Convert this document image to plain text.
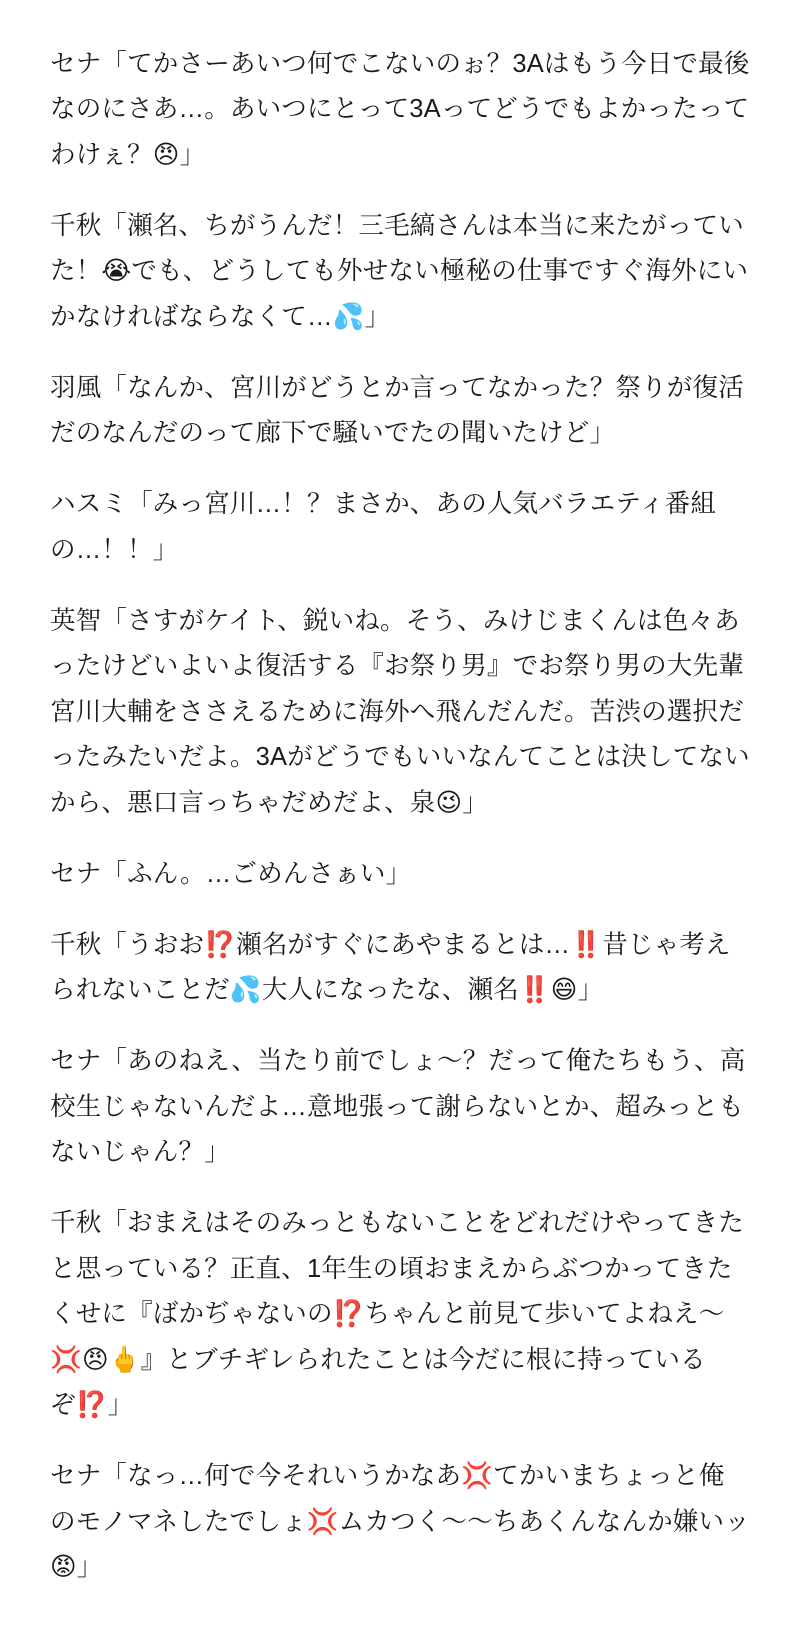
セナ「てかさーあいつ何でこないのぉ？3Aはもう今日で最後なのにさあ…。あいつにとって3Aってどうでもよかったってわけぇ？😠」

千秋「瀬名、ちがうんだ！三毛縞さんは本当に来たがっていた！😭でも、どうしても外せない極秘の仕事ですぐ海外にいかなければならなくて…💦」

羽風「なんか、宮川がどうとか言ってなかった？祭りが復活だのなんだのって廊下で騒いでたの聞いたけど」

ハスミ「みっ宮川…！？まさか、あの人気バラエティ番組の…！！」

英智「さすがケイト、鋭いね。そう、みけじまくんは色々あったけどいよいよ復活する『お祭り男』でお祭り男の大先輩宮川大輔をささえるために海外へ飛んだんだ。苦渋の選択だったみたいだよ。3Aがどうでもいいなんてことは決してないから、悪口言っちゃだめだよ、泉😉」

セナ「ふん。…ごめんさぁい」

千秋「うおお⁉️瀬名がすぐにあやまるとは…‼️昔じゃ考えられないことだ💦大人になったな、瀬名‼️😄」

セナ「あのねえ、当たり前でしょ〜？だって俺たちもう、高校生じゃないんだよ…意地張って謝らないとか、超みっともないじゃん？」

千秋「おまえはそのみっともないことをどれだけやってきたと思っている？正直、1年生の頃おまえからぶつかってきたくせに『ばかぢゃないの⁉️ちゃんと前見て歩いてよねえ〜💢😠🖕』とブチギレられたことは今だに根に持っているぞ⁉️」

セナ「なっ…何で今それいうかなあ💢てかいまちょっと俺のモノマネしたでしょ💢ムカつく〜〜ちあくんなんか嫌いッ😡」
